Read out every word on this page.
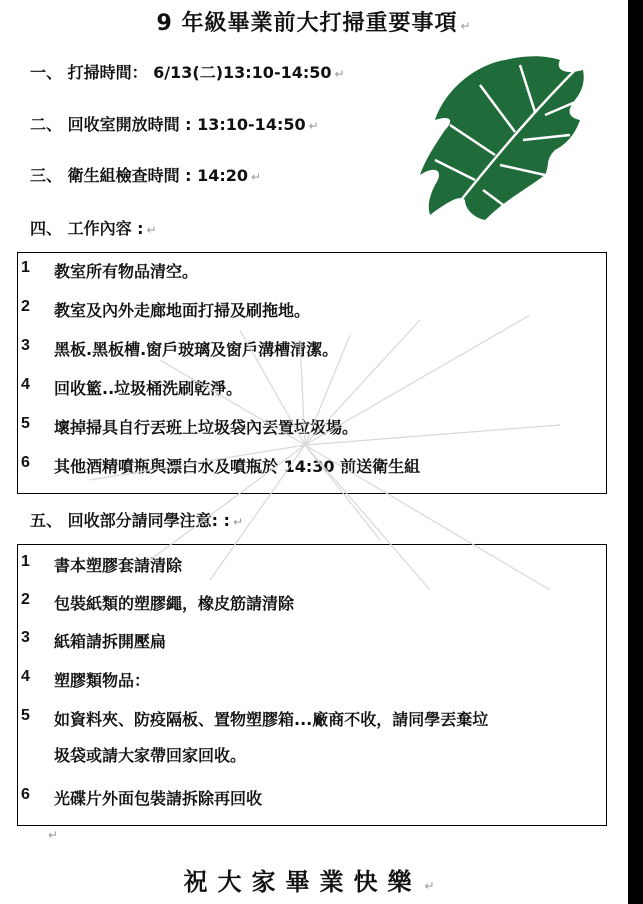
9 年級畢業前大打掃重要事項 ↵
一、 打掃時間： 6/13(二)13:10-14:50 ↵
二、 回收室開放時間 : 13:10-14:50 ↵
三、 衛生組檢查時間 : 14:20 ↵
四、 工作內容 : ↵
1	教室所有物品清空。
2	教室及內外走廊地面打掃及刷拖地。
3	黑板.黑板槽.窗戶玻璃及窗戶溝槽清潔。
4	回收籃..垃圾桶洗刷乾淨。
5	壞掉掃具自行丟班上垃圾袋內丟置垃圾場。
6	其他酒精噴瓶與漂白水及噴瓶於 14:30 前送衛生組
五、 回收部分請同學注意: : ↵
1	書本塑膠套請清除
2	包裝紙類的塑膠繩，橡皮筋請清除
3	紙箱請拆開壓扁
4	塑膠類物品：
5	如資料夾、防疫隔板、置物塑膠箱...廠商不收，請同學丟棄垃
圾袋或請大家帶回家回收。
6	光碟片外面包裝請拆除再回收
↵
祝大家畢業快樂 ↵
